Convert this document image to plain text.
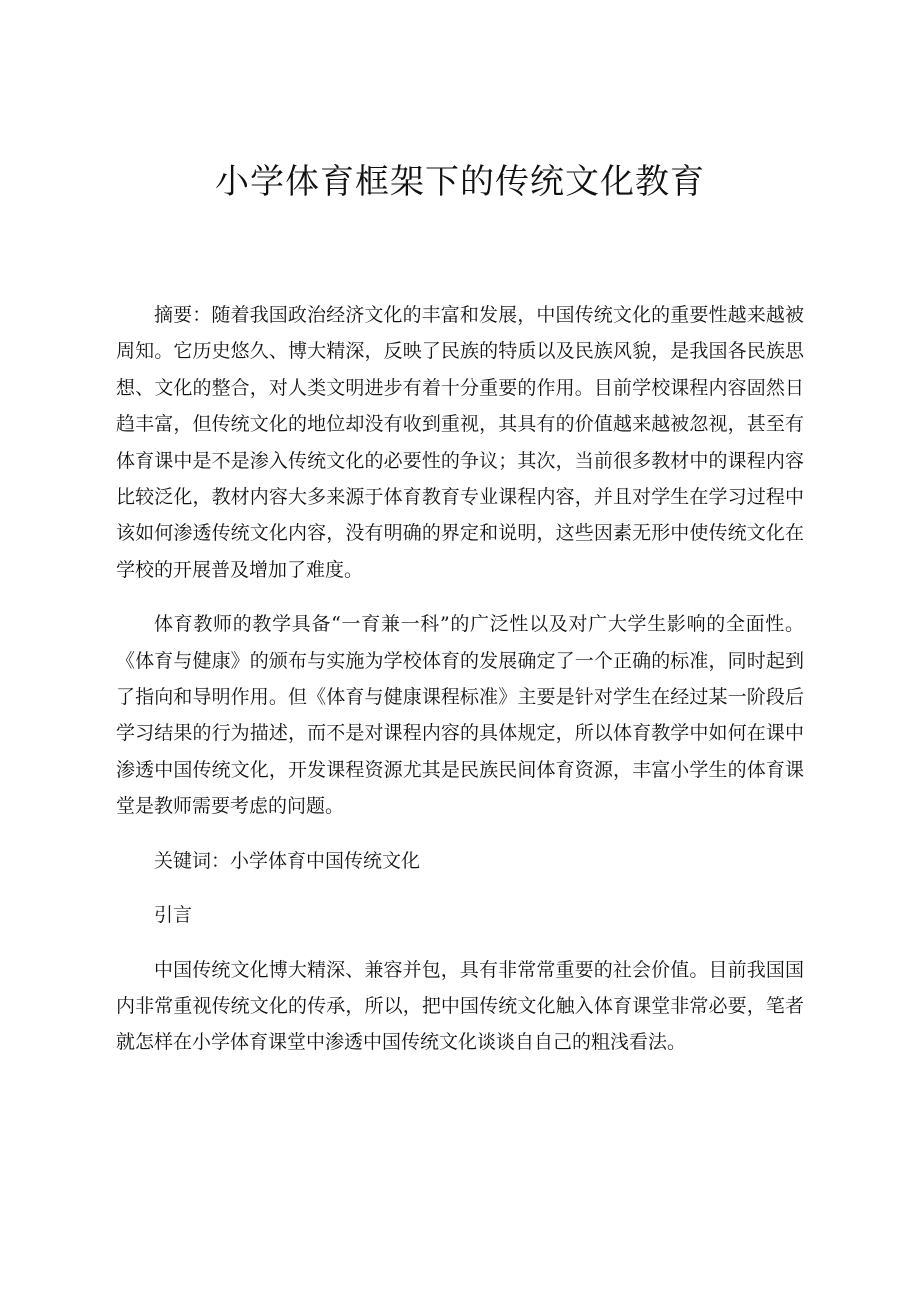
小学体育框架下的传统文化教育

摘要：随着我国政治经济文化的丰富和发展，中国传统文化的重要性越来越被周知。它历史悠久、博大精深，反映了民族的特质以及民族风貌，是我国各民族思想、文化的整合，对人类文明进步有着十分重要的作用。目前学校课程内容固然日趋丰富，但传统文化的地位却没有收到重视，其具有的价值越来越被忽视，甚至有体育课中是不是渗入传统文化的必要性的争议；其次，当前很多教材中的课程内容比较泛化，教材内容大多来源于体育教育专业课程内容，并且对学生在学习过程中该如何渗透传统文化内容，没有明确的界定和说明，这些因素无形中使传统文化在学校的开展普及增加了难度。

体育教师的教学具备“一育兼一科”的广泛性以及对广大学生影响的全面性。《体育与健康》的颁布与实施为学校体育的发展确定了一个正确的标准，同时起到了指向和导明作用。但《体育与健康课程标准》主要是针对学生在经过某一阶段后学习结果的行为描述，而不是对课程内容的具体规定，所以体育教学中如何在课中渗透中国传统文化，开发课程资源尤其是民族民间体育资源，丰富小学生的体育课堂是教师需要考虑的问题。

关键词：小学体育中国传统文化

引言

中国传统文化博大精深、兼容并包，具有非常常重要的社会价值。目前我国国内非常重视传统文化的传承，所以，把中国传统文化触入体育课堂非常必要，笔者就怎样在小学体育课堂中渗透中国传统文化谈谈自自己的粗浅看法。
